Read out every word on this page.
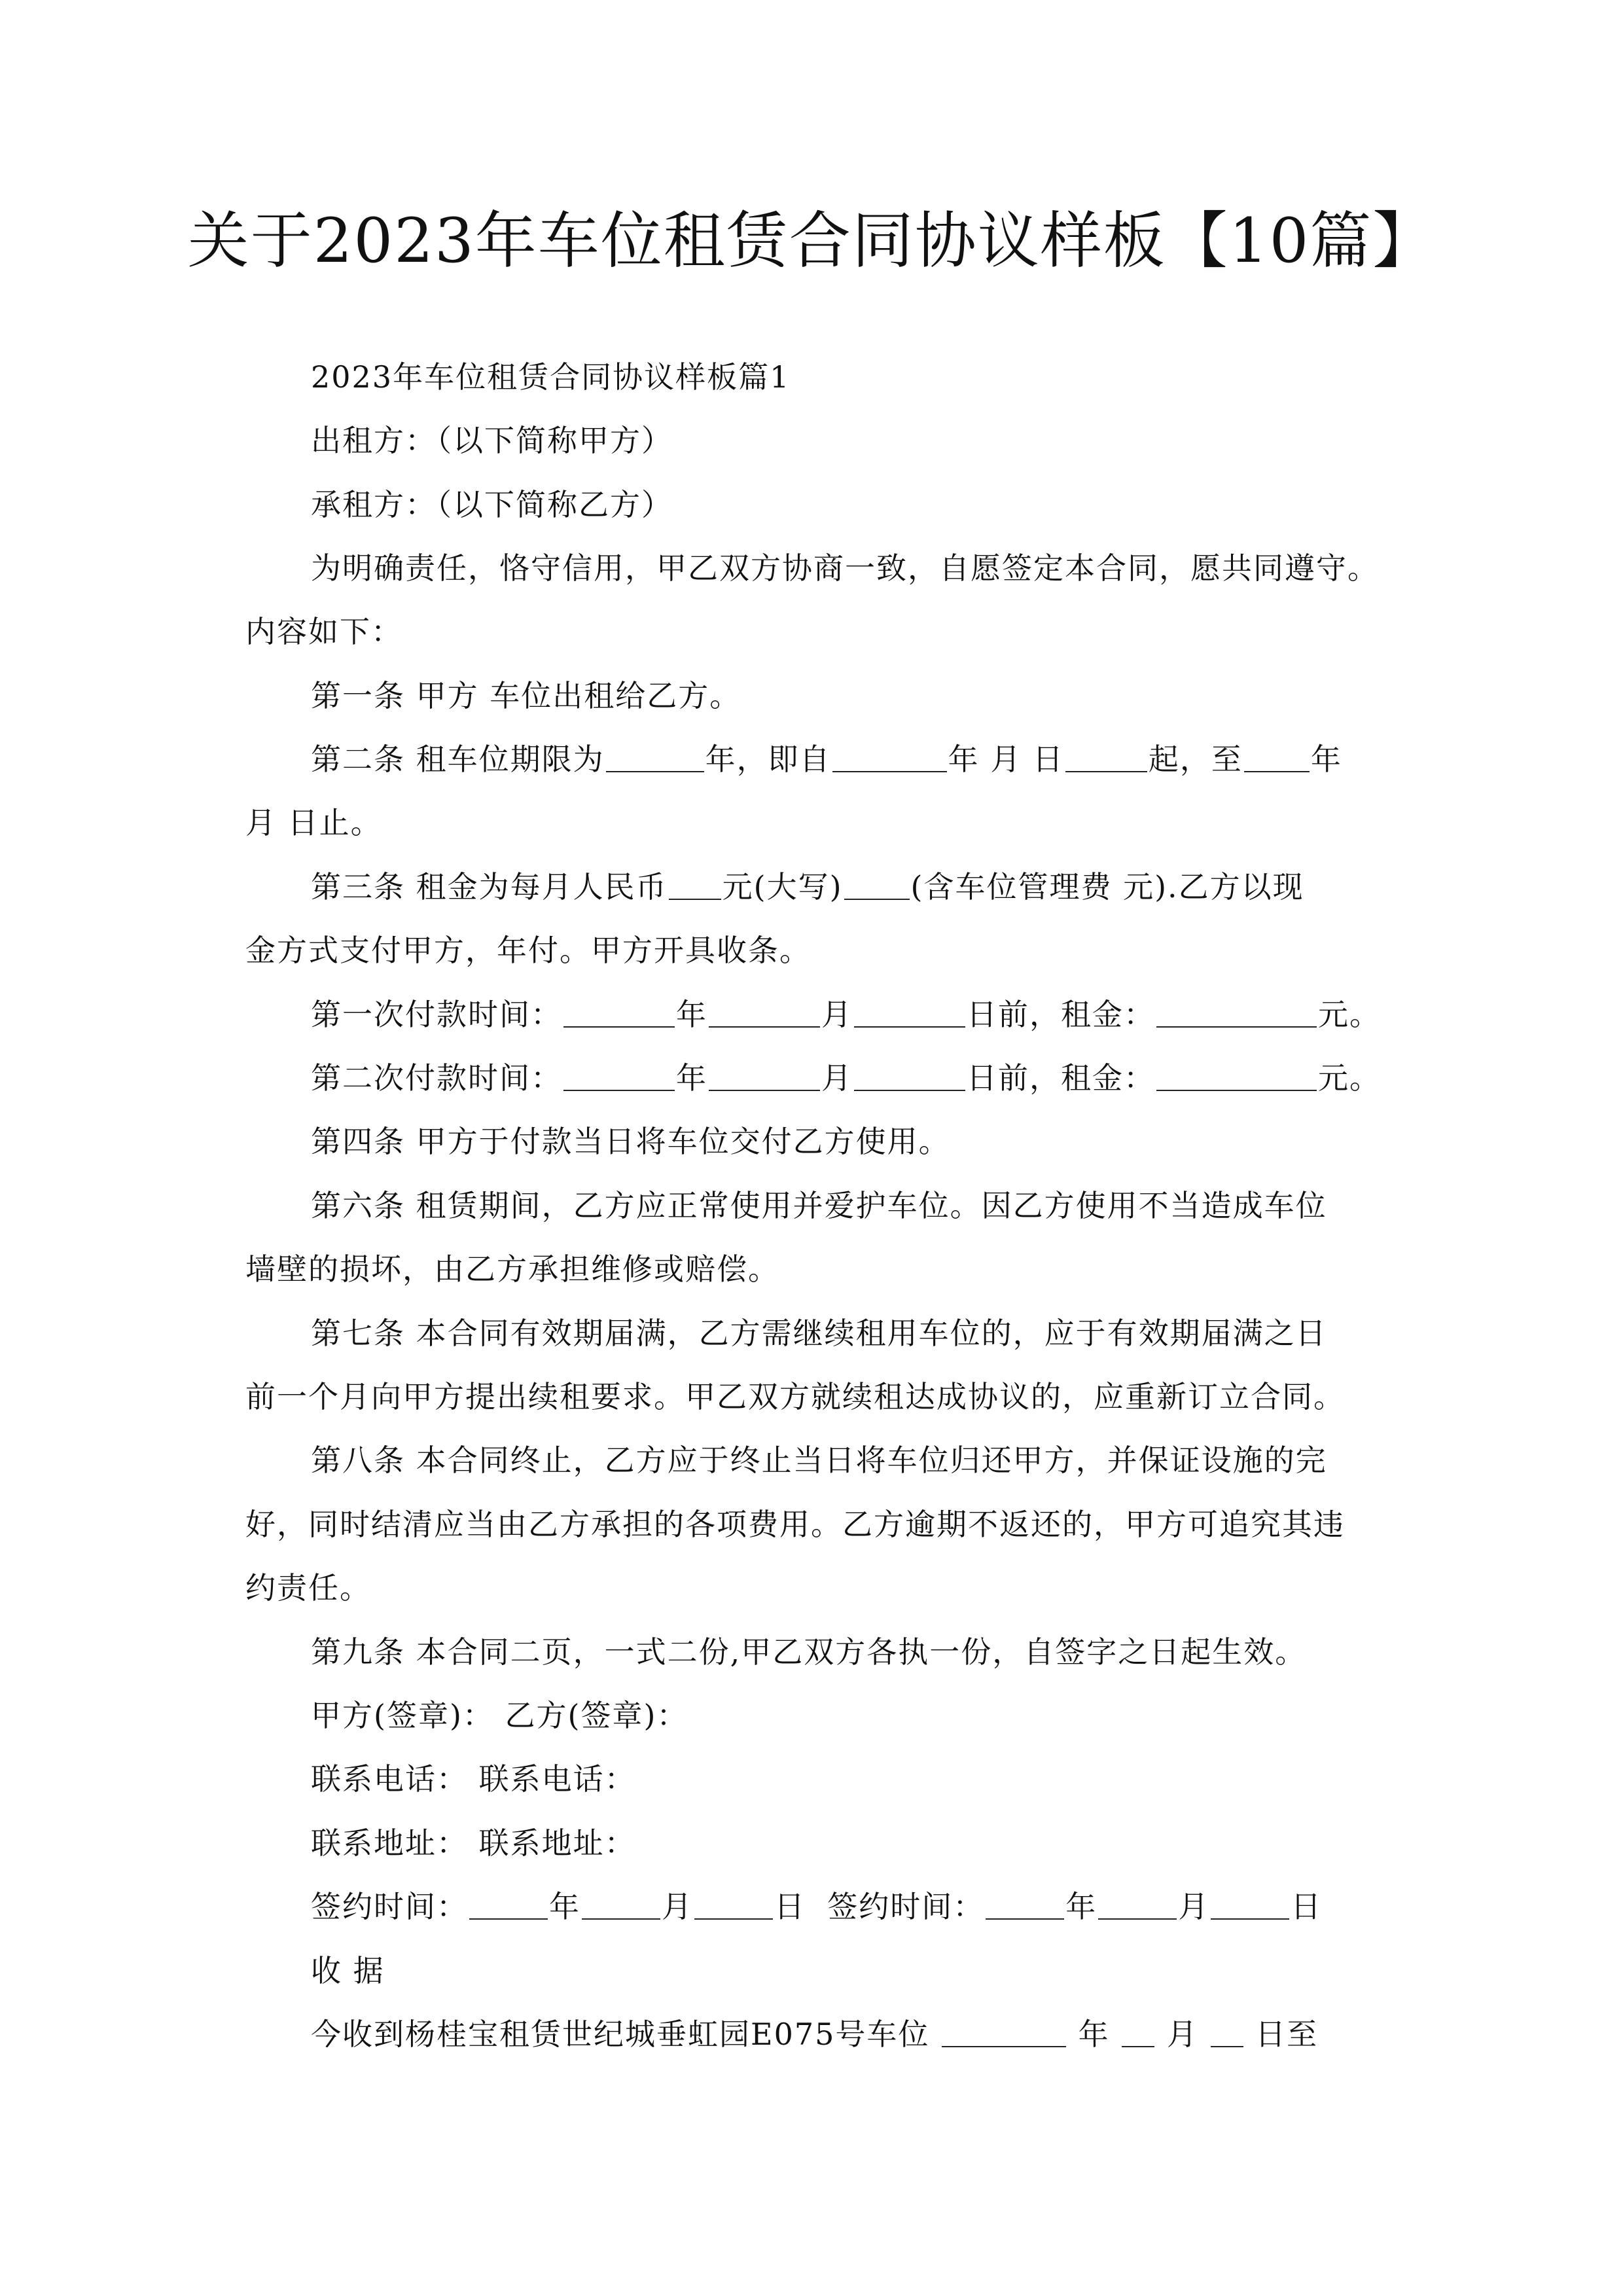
关于2023年车位租赁合同协议样板【10篇】
2023年车位租赁合同协议样板篇1
出租方：（以下简称甲方）
承租方：（以下简称乙方）
为明确责任，恪守信用，甲乙双方协商一致，自愿签定本合同，愿共同遵守。
内容如下：
第一条 甲方 车位出租给乙方。
第二条 租车位期限为	年，即自	年 月 日	起，至 年
月 日止。
第三条 租金为每月人民币 元(大写) (含车位管理费 元).乙方以现
金方式支付甲方，年付。甲方开具收条。
第一次付款时间：	年	月	日前，租金：	元。
第二次付款时间：	年	月	日前，租金：	元。
第四条 甲方于付款当日将车位交付乙方使用。
第六条 租赁期间，乙方应正常使用并爱护车位。因乙方使用不当造成车位
墙壁的损坏，由乙方承担维修或赔偿。
第七条 本合同有效期届满，乙方需继续租用车位的，应于有效期届满之日
前一个月向甲方提出续租要求。甲乙双方就续租达成协议的，应重新订立合同。
第八条 本合同终止，乙方应于终止当日将车位归还甲方，并保证设施的完
好，同时结清应当由乙方承担的各项费用。乙方逾期不返还的，甲方可追究其违
约责任。
第九条 本合同二页，一式二份,甲乙双方各执一份，自签字之日起生效。
甲方(签章)： 乙方(签章)：
联系电话： 联系电话：
联系地址： 联系地址：
签约时间：	年	月	日 签约时间：	年	月	日
收 据
今收到杨桂宝租赁世纪城垂虹园E075号车位	年 月 日至
